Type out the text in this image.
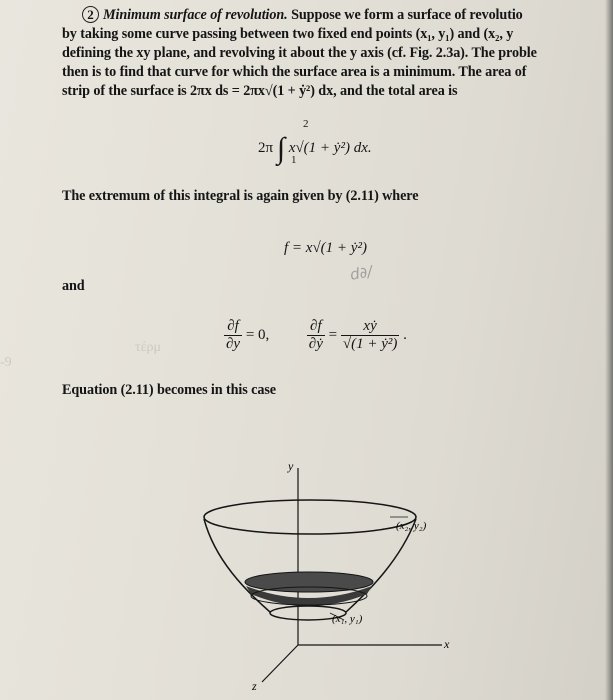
τέρμ
-9
2 Minimum surface of revolution. Suppose we form a surface of revolutio
by taking some curve passing between two fixed end points (x₁, y₁) and (x₂, y
defining the xy plane, and revolving it about the y axis (cf. Fig. 2.3a). The proble
then is to find that curve for which the surface area is a minimum. The area of
strip of the surface is 2πx ds = 2πx√(1 + ẏ²) dx, and the total area is
2π ∫
2
1
x√(1 + ẏ²) dx.
The extremum of this integral is again given by (2.11) where
f = x√(1 + ẏ²)
d∂/
and
$\frac{\partial f}{\partial y} = 0$,	$\frac{\partial f}{\text{∂ẏ}} = \frac{\text{xẏ}}{\text{√(1 + ẏ²)}}$ .
Equation (2.11) becomes in this case
y
x
z
(x₂, y₂)
(x₁, y₁)
